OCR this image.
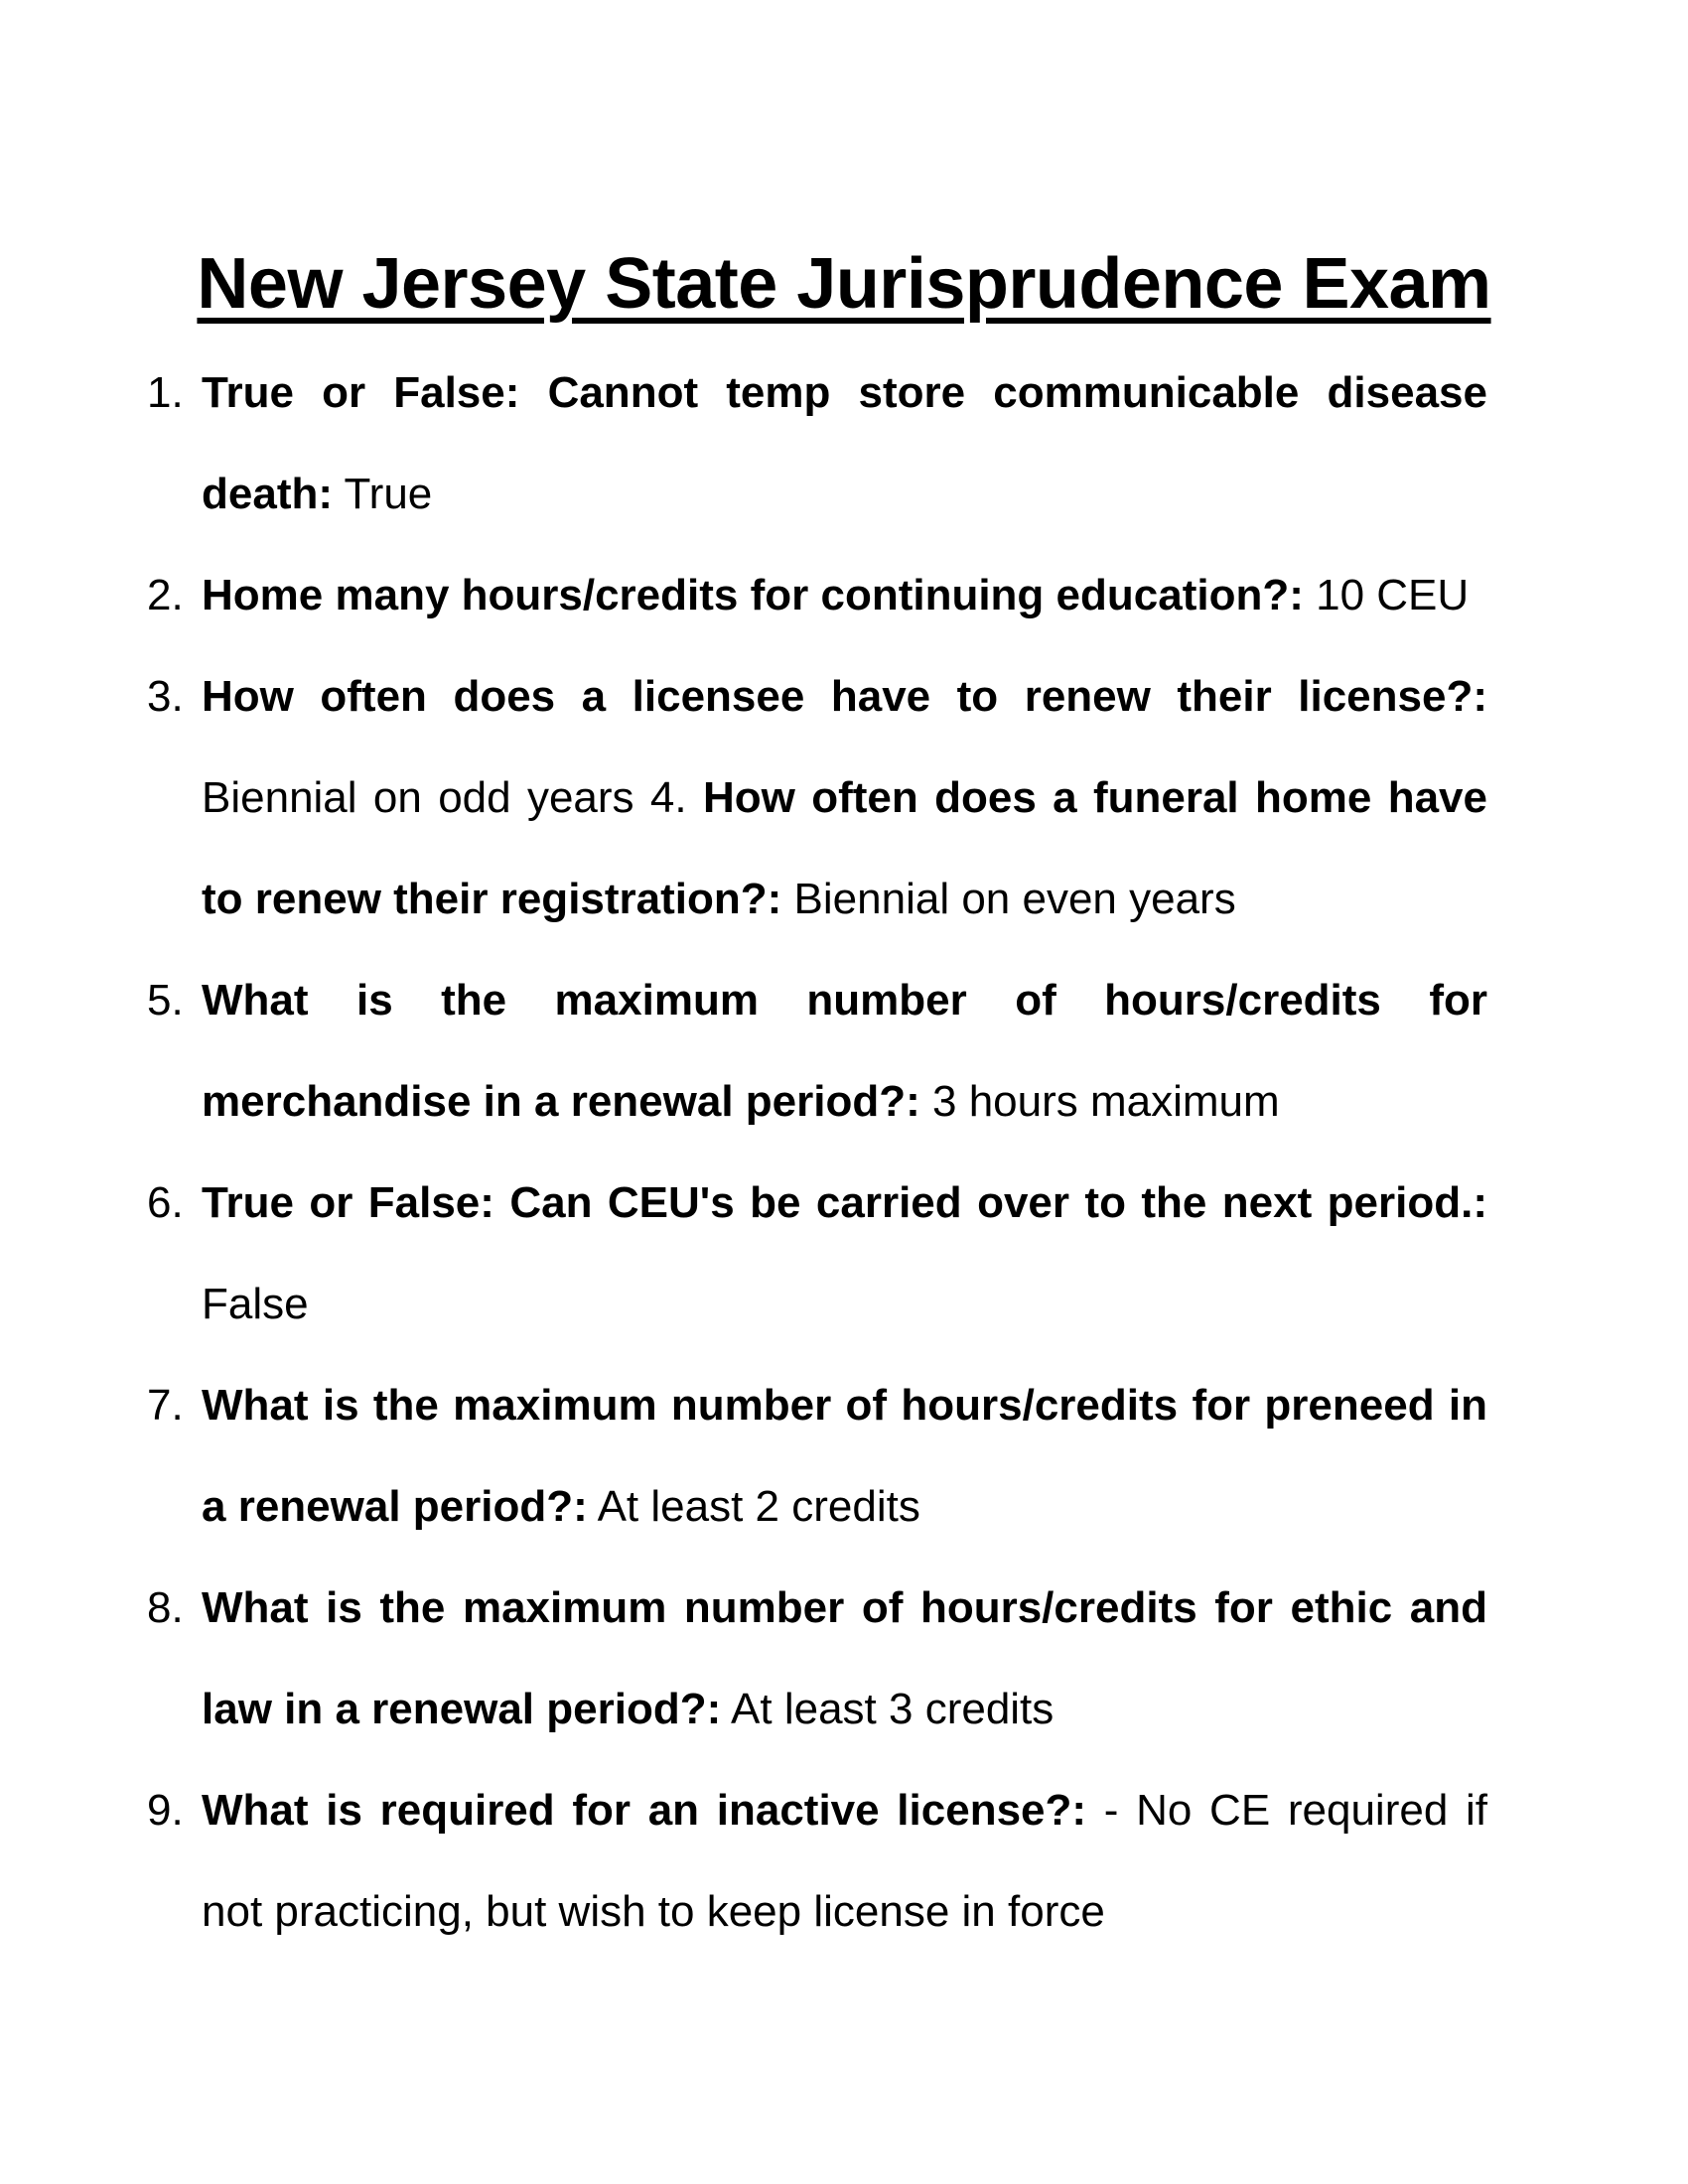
New Jersey State Jurisprudence Exam
1. True or False: Cannot temp store communicable disease death: True
2. Home many hours/credits for continuing education?: 10 CEU
3. How often does a licensee have to renew their license?: Biennial on odd years 4. How often does a funeral home have to renew their registration?: Biennial on even years
5. What is the maximum number of hours/credits for merchandise in a renewal period?: 3 hours maximum
6. True or False: Can CEU's be carried over to the next period.: False
7. What is the maximum number of hours/credits for preneed in a renewal period?: At least 2 credits
8. What is the maximum number of hours/credits for ethic and law in a renewal period?: At least 3 credits
9. What is required for an inactive license?: - No CE required if not practicing, but wish to keep license in force
